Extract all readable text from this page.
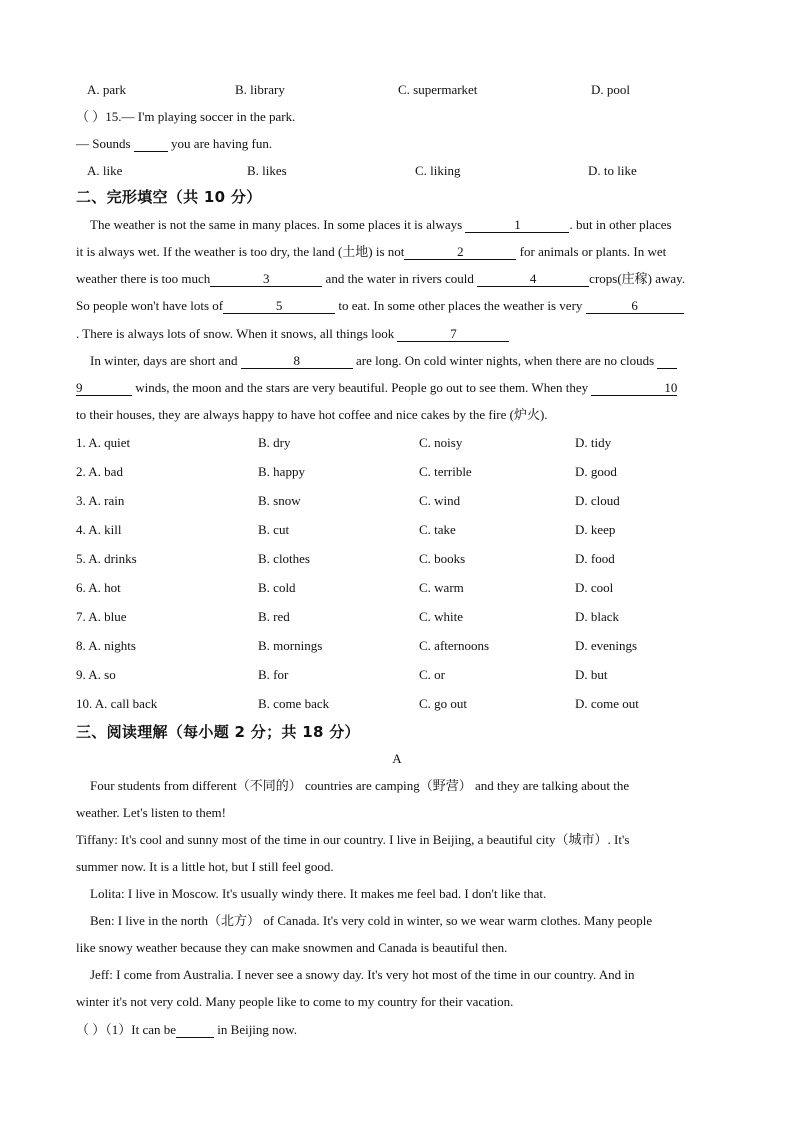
A. park	B. library	C. supermarket	D. pool
（ ）15.— I'm playing soccer in the park.
— Sounds	you are having fun.
A. like	B. likes	C. liking	D. to like
二、完形填空（共 10 分）
The weather is not the same in many places. In some places it is always	1	. but in other places
it is always wet. If the weather is too dry, the land (土地) is not	2	for animals or plants. In wet
weather there is too much	3	and the water in rivers could	4	crops(庄稼) away.
So people won't have lots of	5	to eat. In some other places the weather is very	6
. There is always lots of snow. When it snows, all things look	7
In winter, days are short and	8	are long. On cold winter nights, when there are no clouds
9	winds, the moon and the stars are very beautiful. People go out to see them. When they	10
to their houses, they are always happy to have hot coffee and nice cakes by the fire (炉火).
1. A. quiet	B. dry	C. noisy	D. tidy
2. A. bad	B. happy	C. terrible	D. good
3. A. rain	B. snow	C. wind	D. cloud
4. A. kill	B. cut	C. take	D. keep
5. A. drinks	B. clothes	C. books	D. food
6. A. hot	B. cold	C. warm	D. cool
7. A. blue	B. red	C. white	D. black
8. A. nights	B. mornings	C. afternoons	D. evenings
9. A. so	B. for	C. or	D. but
10. A. call back	B. come back	C. go out	D. come out
三、阅读理解（每小题 2 分；共 18 分）
A
Four students from different（不同的） countries are camping（野营） and they are talking about the
weather. Let's listen to them!
Tiffany: It's cool and sunny most of the time in our country. I live in Beijing, a beautiful city（城市）. It's
summer now. It is a little hot, but I still feel good.
Lolita: I live in Moscow. It's usually windy there. It makes me feel bad. I don't like that.
Ben: I live in the north（北方） of Canada. It's very cold in winter, so we wear warm clothes. Many people
like snowy weather because they can make snowmen and Canada is beautiful then.
Jeff: I come from Australia. I never see a snowy day. It's very hot most of the time in our country. And in
winter it's not very cold. Many people like to come to my country for their vacation.
（ ）（1）It can be	in Beijing now.
